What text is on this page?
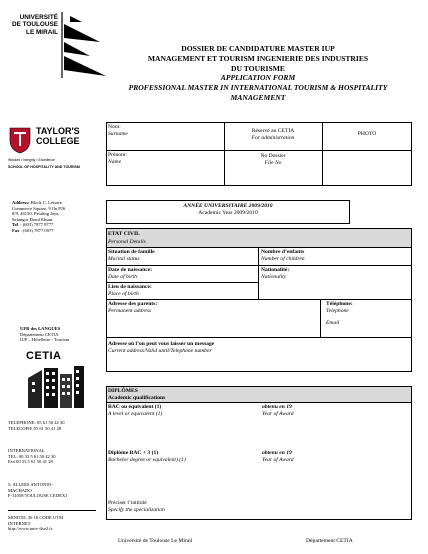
UNIVERSITÉ
DE TOULOUSE
LE MIRAIL
DOSSIER DE CANDIDATURE MASTER IUP
MANAGEMENT ET TOURISM INGENIERIE DES INDUSTRIES
DU TOURISME
APPLICATION FORM
PROFESSIONAL MASTER IN INTERNATIONAL TOURISM & HOSPITALITY
MANAGEMENT
TAYLOR'S
COLLEGE
Wisdom • Integrity • Excellence
SCHOOL OF HOSPITALITY AND TOURISM
Nom:
Surname
Prénom:
Name
Réservé au CETIA
For administration
No Dossier
File No
PHOTO
Address: Block C, Leisure
Commerce Square, 9 Jln PJS
8/9, 46150, Petaling Jaya,
Selangor Darul Ehsan.
Tel : (603) 7877 9777
Fax : (603) 7877 0977
UFR des LANGUES
Département CETIA
IUP – Hôtellerie - Tourism
CETIA
TELEPHONE: 05 61 50 42 30
TELECOPIE 05 61 50 41 28
INTERNATIONAL
TEL: 00 33 5 61 50 42 30
Fax 00 33 5 61 50 41 28
5, ALLEES ANTONIO-
MACHADO
F-31058 TOULOUSE CEDEX1
MINITEL 36 16 CODE UTM
INTERNET:
http://www.univ-tlse2.fr
ANNÉE UNIVERSITAIRE 2009/2010
Academic Year 2009/2010
ETAT CIVIL
Personal Details
Situation de famille
Marital status
Nombre d’enfants
Number of children
Date de naissance:
Date of birth
Nationalité:
Nationality
Lieu de naissance:
Place of birth
Adresse des parents:
Permanent address
Téléphone:
Telephone
Email
Adresse où l’on peut vous laisser un message
Current address/Valid until/Telephone number
DIPLÔMES
Academic qualifications
BAC ou équivalent (1)
A level or equivalent (1)
obtenu en 19
Year of Award
Diplôme BAC + 3 (1)
Bachelor degree or equivalent) (1)
obtenu en 19
Year of Award
Préciser l’intitulé
Specify the specialization
Université de Toulouse Le Mirail	Département CETIA
